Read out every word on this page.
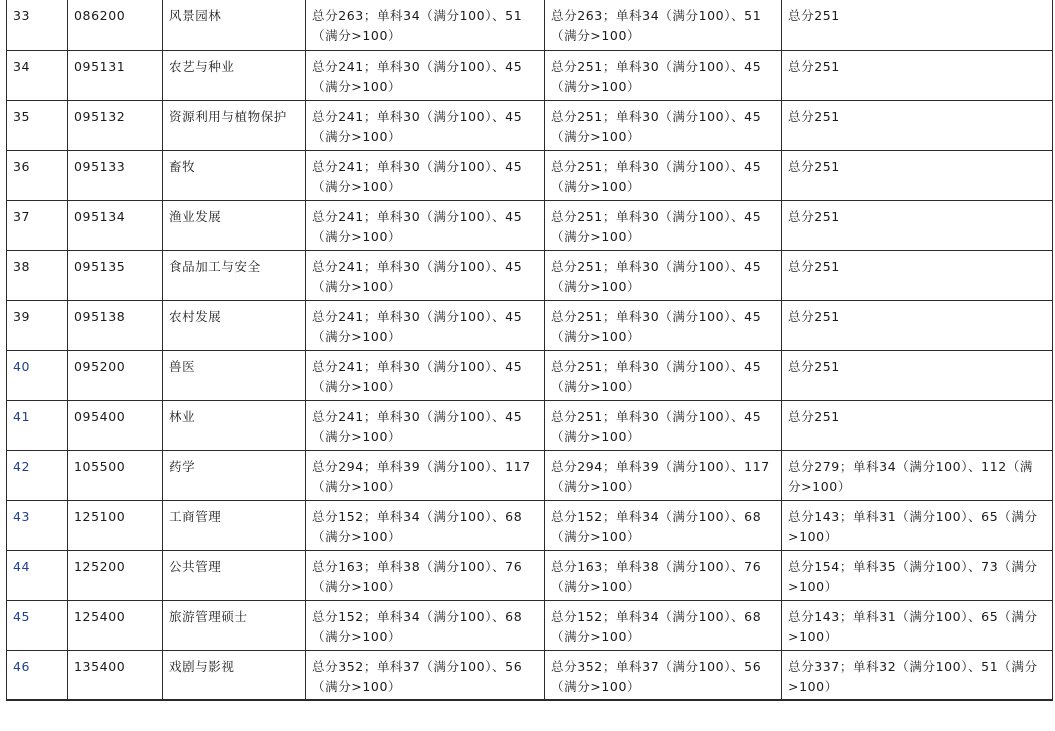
33	086200	风景园林	总分263；单科34（满分100）、51（满分>100）	总分263；单科34（满分100）、51（满分>100）	总分251
34	095131	农艺与种业	总分241；单科30（满分100）、45（满分>100）	总分251；单科30（满分100）、45（满分>100）	总分251
35	095132	资源利用与植物保护	总分241；单科30（满分100）、45（满分>100）	总分251；单科30（满分100）、45（满分>100）	总分251
36	095133	畜牧	总分241；单科30（满分100）、45（满分>100）	总分251；单科30（满分100）、45（满分>100）	总分251
37	095134	渔业发展	总分241；单科30（满分100）、45（满分>100）	总分251；单科30（满分100）、45（满分>100）	总分251
38	095135	食品加工与安全	总分241；单科30（满分100）、45（满分>100）	总分251；单科30（满分100）、45（满分>100）	总分251
39	095138	农村发展	总分241；单科30（满分100）、45（满分>100）	总分251；单科30（满分100）、45（满分>100）	总分251
40	095200	兽医	总分241；单科30（满分100）、45（满分>100）	总分251；单科30（满分100）、45（满分>100）	总分251
41	095400	林业	总分241；单科30（满分100）、45（满分>100）	总分251；单科30（满分100）、45（满分>100）	总分251
42	105500	药学	总分294；单科39（满分100）、117（满分>100）	总分294；单科39（满分100）、117（满分>100）	总分279；单科34（满分100）、112（满分>100）
43	125100	工商管理	总分152；单科34（满分100）、68（满分>100）	总分152；单科34（满分100）、68（满分>100）	总分143；单科31（满分100）、65（满分>100）
44	125200	公共管理	总分163；单科38（满分100）、76（满分>100）	总分163；单科38（满分100）、76（满分>100）	总分154；单科35（满分100）、73（满分>100）
45	125400	旅游管理硕士	总分152；单科34（满分100）、68（满分>100）	总分152；单科34（满分100）、68（满分>100）	总分143；单科31（满分100）、65（满分>100）
46	135400	戏剧与影视	总分352；单科37（满分100）、56（满分>100）	总分352；单科37（满分100）、56（满分>100）	总分337；单科32（满分100）、51（满分>100）
